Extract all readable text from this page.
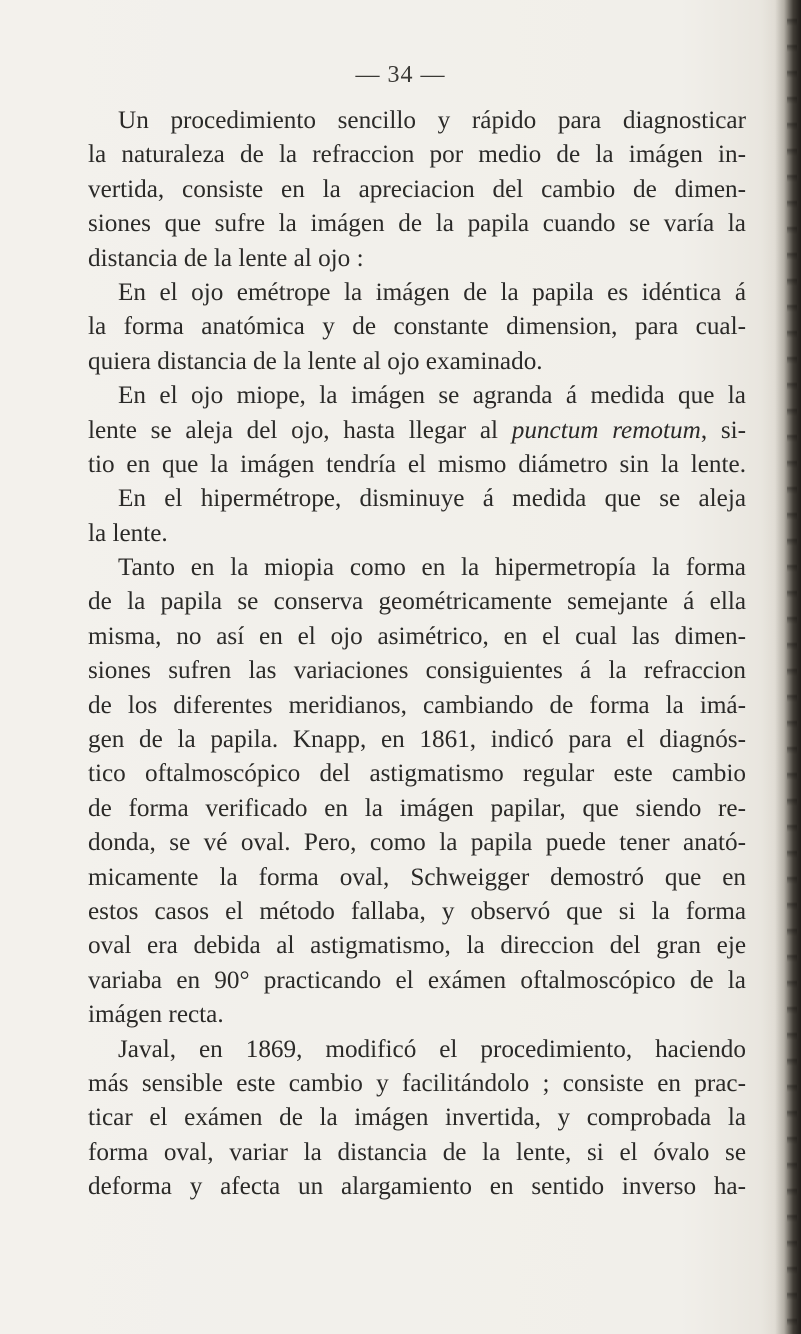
— 34 —
Un procedimiento sencillo y rápido para diagnosticar
la naturaleza de la refraccion por medio de la imágen in-
vertida, consiste en la apreciacion del cambio de dimen-
siones que sufre la imágen de la papila cuando se varía la
distancia de la lente al ojo :
En el ojo emétrope la imágen de la papila es idéntica á
la forma anatómica y de constante dimension, para cual-
quiera distancia de la lente al ojo examinado.
En el ojo miope, la imágen se agranda á medida que la
lente se aleja del ojo, hasta llegar al punctum remotum, si-
tio en que la imágen tendría el mismo diámetro sin la lente.
En el hipermétrope, disminuye á medida que se aleja
la lente.
Tanto en la miopia como en la hipermetropía la forma
de la papila se conserva geométricamente semejante á ella
misma, no así en el ojo asimétrico, en el cual las dimen-
siones sufren las variaciones consiguientes á la refraccion
de los diferentes meridianos, cambiando de forma la imá-
gen de la papila. Knapp, en 1861, indicó para el diagnós-
tico oftalmoscópico del astigmatismo regular este cambio
de forma verificado en la imágen papilar, que siendo re-
donda, se vé oval. Pero, como la papila puede tener anató-
micamente la forma oval, Schweigger demostró que en
estos casos el método fallaba, y observó que si la forma
oval era debida al astigmatismo, la direccion del gran eje
variaba en 90° practicando el exámen oftalmoscópico de la
imágen recta.
Javal, en 1869, modificó el procedimiento, haciendo
más sensible este cambio y facilitándolo ; consiste en prac-
ticar el exámen de la imágen invertida, y comprobada la
forma oval, variar la distancia de la lente, si el óvalo se
deforma y afecta un alargamiento en sentido inverso ha-
